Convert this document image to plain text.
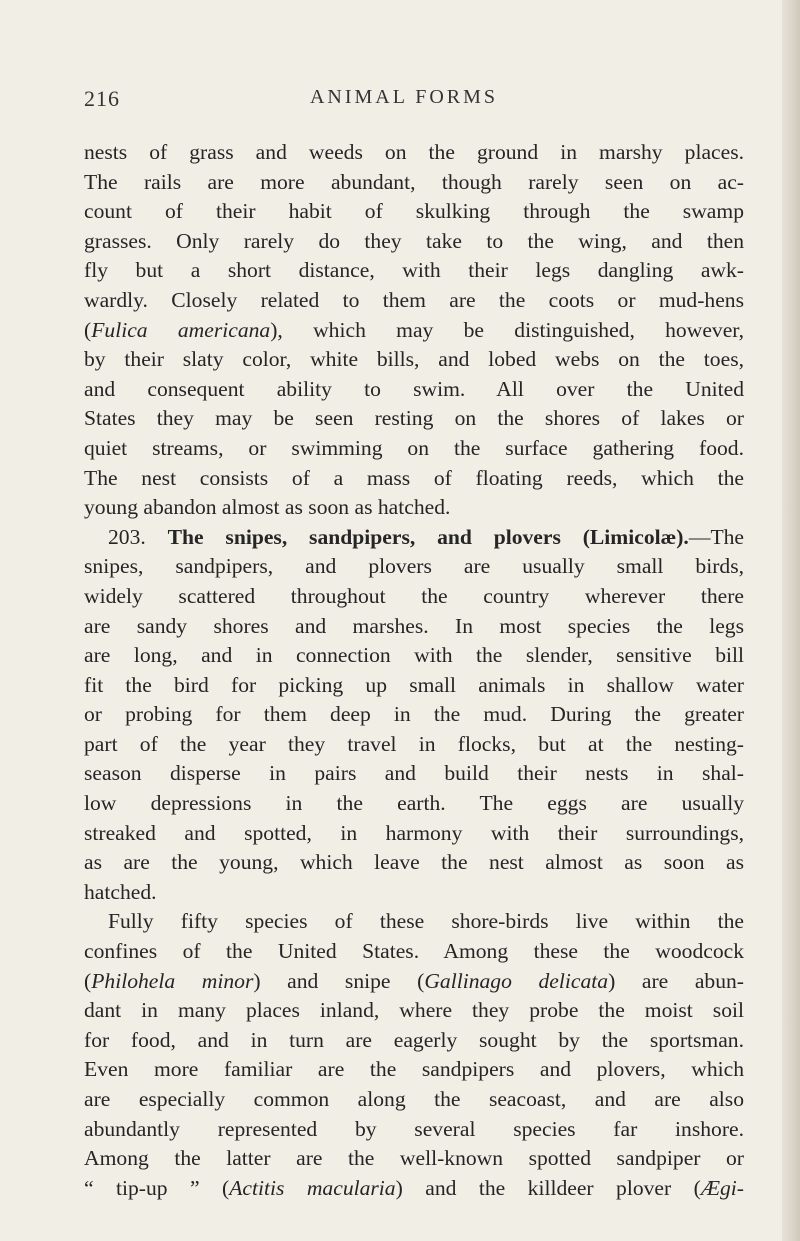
216	ANIMAL FORMS
nests of grass and weeds on the ground in marshy places.
The rails are more abundant, though rarely seen on ac-
count of their habit of skulking through the swamp
grasses. Only rarely do they take to the wing, and then
fly but a short distance, with their legs dangling awk-
wardly. Closely related to them are the coots or mud-hens
(Fulica americana), which may be distinguished, however,
by their slaty color, white bills, and lobed webs on the toes,
and consequent ability to swim. All over the United
States they may be seen resting on the shores of lakes or
quiet streams, or swimming on the surface gathering food.
The nest consists of a mass of floating reeds, which the
young abandon almost as soon as hatched.
203. The snipes, sandpipers, and plovers (Limicolæ).—The
snipes, sandpipers, and plovers are usually small birds,
widely scattered throughout the country wherever there
are sandy shores and marshes. In most species the legs
are long, and in connection with the slender, sensitive bill
fit the bird for picking up small animals in shallow water
or probing for them deep in the mud. During the greater
part of the year they travel in flocks, but at the nesting-
season disperse in pairs and build their nests in shal-
low depressions in the earth. The eggs are usually
streaked and spotted, in harmony with their surroundings,
as are the young, which leave the nest almost as soon as
hatched.
Fully fifty species of these shore-birds live within the
confines of the United States. Among these the woodcock
(Philohela minor) and snipe (Gallinago delicata) are abun-
dant in many places inland, where they probe the moist soil
for food, and in turn are eagerly sought by the sportsman.
Even more familiar are the sandpipers and plovers, which
are especially common along the seacoast, and are also
abundantly represented by several species far inshore.
Among the latter are the well-known spotted sandpiper or
“ tip-up ” (Actitis macularia) and the killdeer plover (Ægi-
